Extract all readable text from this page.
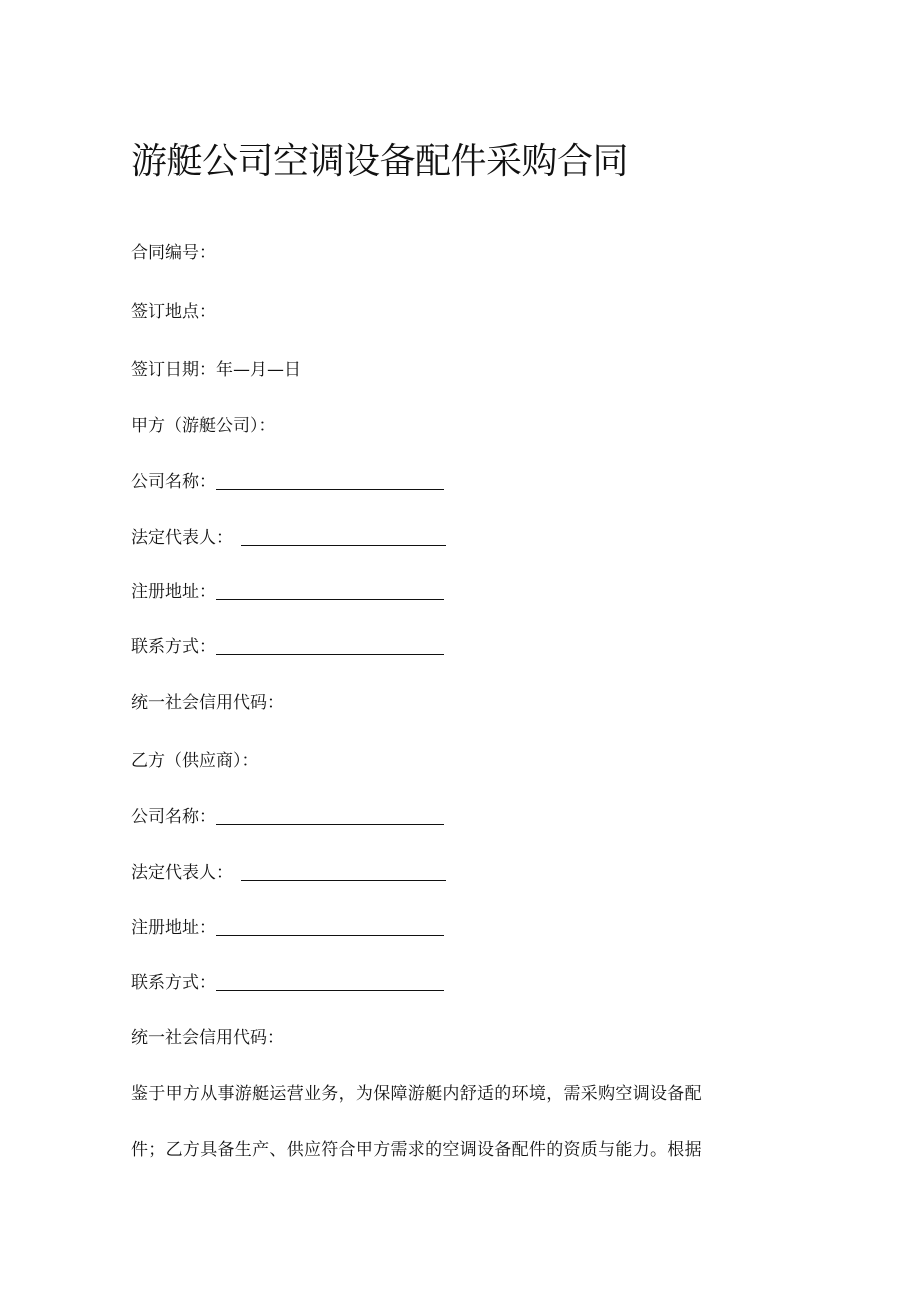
游艇公司空调设备配件采购合同

合同编号：

签订地点：

签订日期：年—月—日

甲方（游艇公司）：

公司名称：

法定代表人：

注册地址：

联系方式：

统一社会信用代码：

乙方（供应商）：

公司名称：

法定代表人：

注册地址：

联系方式：

统一社会信用代码：

鉴于甲方从事游艇运营业务，为保障游艇内舒适的环境，需采购空调设备配

件；乙方具备生产、供应符合甲方需求的空调设备配件的资质与能力。根据
